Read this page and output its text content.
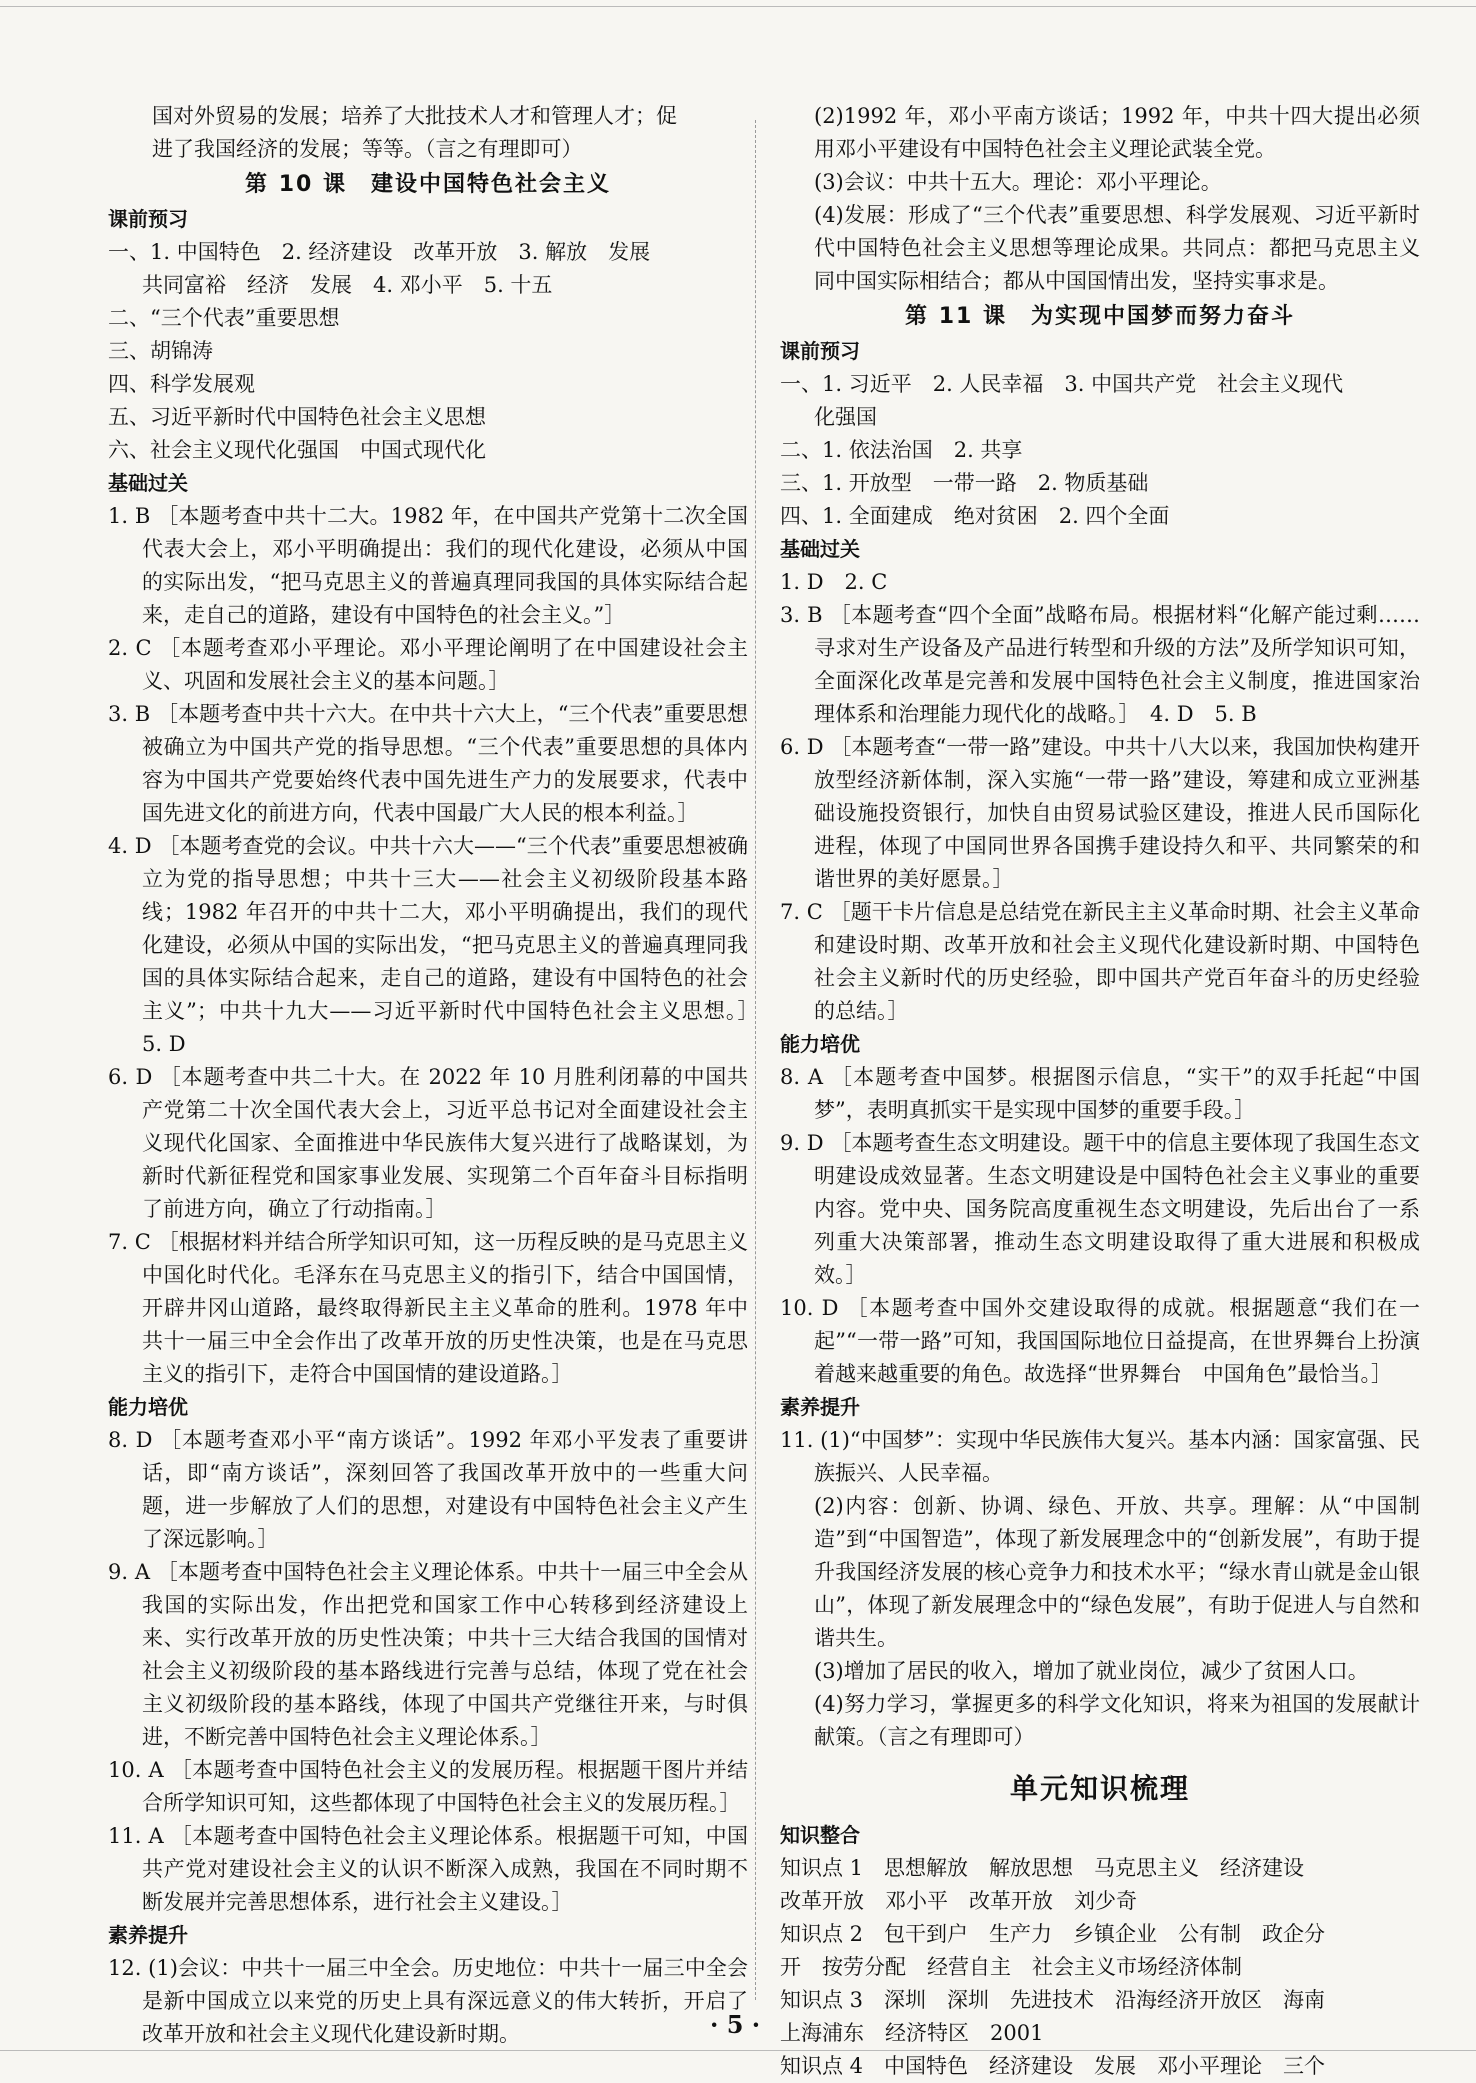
国对外贸易的发展；培养了大批技术人才和管理人才；促

进了我国经济的发展；等等。（言之有理即可）

第 10 课　建设中国特色社会主义

课前预习

一、1. 中国特色　2. 经济建设　改革开放　3. 解放　发展

共同富裕　经济　发展　4. 邓小平　5. 十五

二、“三个代表”重要思想

三、胡锦涛

四、科学发展观

五、习近平新时代中国特色社会主义思想

六、社会主义现代化强国　中国式现代化

基础过关

1. B ［本题考查中共十二大。1982 年，在中国共产党第十二次全国代表大会上，邓小平明确提出：我们的现代化建设，必须从中国的实际出发，“把马克思主义的普遍真理同我国的具体实际结合起来，走自己的道路，建设有中国特色的社会主义。”］

2. C ［本题考查邓小平理论。邓小平理论阐明了在中国建设社会主义、巩固和发展社会主义的基本问题。］

3. B ［本题考查中共十六大。在中共十六大上，“三个代表”重要思想被确立为中国共产党的指导思想。“三个代表”重要思想的具体内容为中国共产党要始终代表中国先进生产力的发展要求，代表中国先进文化的前进方向，代表中国最广大人民的根本利益。］

4. D ［本题考查党的会议。中共十六大——“三个代表”重要思想被确立为党的指导思想；中共十三大——社会主义初级阶段基本路线；1982 年召开的中共十二大，邓小平明确提出，我们的现代化建设，必须从中国的实际出发，“把马克思主义的普遍真理同我国的具体实际结合起来，走自己的道路，建设有中国特色的社会主义”；中共十九大——习近平新时代中国特色社会主义思想。］　5. D

6. D ［本题考查中共二十大。在 2022 年 10 月胜利闭幕的中国共产党第二十次全国代表大会上，习近平总书记对全面建设社会主义现代化国家、全面推进中华民族伟大复兴进行了战略谋划，为新时代新征程党和国家事业发展、实现第二个百年奋斗目标指明了前进方向，确立了行动指南。］

7. C ［根据材料并结合所学知识可知，这一历程反映的是马克思主义中国化时代化。毛泽东在马克思主义的指引下，结合中国国情，开辟井冈山道路，最终取得新民主主义革命的胜利。1978 年中共十一届三中全会作出了改革开放的历史性决策，也是在马克思主义的指引下，走符合中国国情的建设道路。］

能力培优

8. D ［本题考查邓小平“南方谈话”。1992 年邓小平发表了重要讲话，即“南方谈话”，深刻回答了我国改革开放中的一些重大问题，进一步解放了人们的思想，对建设有中国特色社会主义产生了深远影响。］

9. A ［本题考查中国特色社会主义理论体系。中共十一届三中全会从我国的实际出发，作出把党和国家工作中心转移到经济建设上来、实行改革开放的历史性决策；中共十三大结合我国的国情对社会主义初级阶段的基本路线进行完善与总结，体现了党在社会主义初级阶段的基本路线，体现了中国共产党继往开来，与时俱进，不断完善中国特色社会主义理论体系。］

10. A ［本题考查中国特色社会主义的发展历程。根据题干图片并结合所学知识可知，这些都体现了中国特色社会主义的发展历程。］

11. A ［本题考查中国特色社会主义理论体系。根据题干可知，中国共产党对建设社会主义的认识不断深入成熟，我国在不同时期不断发展并完善思想体系，进行社会主义建设。］

素养提升

12. (1)会议：中共十一届三中全会。历史地位：中共十一届三中全会是新中国成立以来党的历史上具有深远意义的伟大转折，开启了改革开放和社会主义现代化建设新时期。

(2)1992 年，邓小平南方谈话；1992 年，中共十四大提出必须用邓小平建设有中国特色社会主义理论武装全党。

(3)会议：中共十五大。理论：邓小平理论。

(4)发展：形成了“三个代表”重要思想、科学发展观、习近平新时代中国特色社会主义思想等理论成果。共同点：都把马克思主义同中国实际相结合；都从中国国情出发，坚持实事求是。

第 11 课　为实现中国梦而努力奋斗

课前预习

一、1. 习近平　2. 人民幸福　3. 中国共产党　社会主义现代

化强国

二、1. 依法治国　2. 共享

三、1. 开放型　一带一路　2. 物质基础

四、1. 全面建成　绝对贫困　2. 四个全面

基础过关

1. D　2. C

3. B ［本题考查“四个全面”战略布局。根据材料“化解产能过剩……寻求对生产设备及产品进行转型和升级的方法”及所学知识可知，全面深化改革是完善和发展中国特色社会主义制度，推进国家治理体系和治理能力现代化的战略。］　4. D　5. B

6. D ［本题考查“一带一路”建设。中共十八大以来，我国加快构建开放型经济新体制，深入实施“一带一路”建设，筹建和成立亚洲基础设施投资银行，加快自由贸易试验区建设，推进人民币国际化进程，体现了中国同世界各国携手建设持久和平、共同繁荣的和谐世界的美好愿景。］

7. C ［题干卡片信息是总结党在新民主主义革命时期、社会主义革命和建设时期、改革开放和社会主义现代化建设新时期、中国特色社会主义新时代的历史经验，即中国共产党百年奋斗的历史经验的总结。］

能力培优

8. A ［本题考查中国梦。根据图示信息，“实干”的双手托起“中国梦”，表明真抓实干是实现中国梦的重要手段。］

9. D ［本题考查生态文明建设。题干中的信息主要体现了我国生态文明建设成效显著。生态文明建设是中国特色社会主义事业的重要内容。党中央、国务院高度重视生态文明建设，先后出台了一系列重大决策部署，推动生态文明建设取得了重大进展和积极成效。］

10. D ［本题考查中国外交建设取得的成就。根据题意“我们在一起”“一带一路”可知，我国国际地位日益提高，在世界舞台上扮演着越来越重要的角色。故选择“世界舞台　中国角色”最恰当。］

素养提升

11. (1)“中国梦”：实现中华民族伟大复兴。基本内涵：国家富强、民族振兴、人民幸福。

(2)内容：创新、协调、绿色、开放、共享。理解：从“中国制造”到“中国智造”，体现了新发展理念中的“创新发展”，有助于提升我国经济发展的核心竞争力和技术水平；“绿水青山就是金山银山”，体现了新发展理念中的“绿色发展”，有助于促进人与自然和谐共生。

(3)增加了居民的收入，增加了就业岗位，减少了贫困人口。

(4)努力学习，掌握更多的科学文化知识，将来为祖国的发展献计献策。（言之有理即可）

单元知识梳理

知识整合

知识点 1　思想解放　解放思想　马克思主义　经济建设

改革开放　邓小平　改革开放　刘少奇

知识点 2　包干到户　生产力　乡镇企业　公有制　政企分

开　按劳分配　经营自主　社会主义市场经济体制

知识点 3　深圳　深圳　先进技术　沿海经济开放区　海南

上海浦东　经济特区　2001

知识点 4　中国特色　经济建设　发展　邓小平理论　三个

· 5 ·
